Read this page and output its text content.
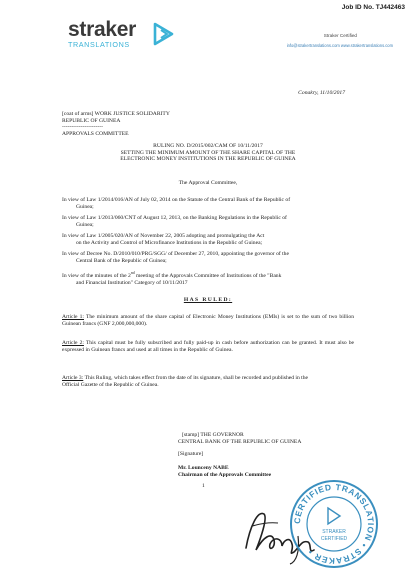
Job ID No. TJ442463
straker
TRANSLATIONS
Straker Certified
info@strakertranslations.com www.strakertranslations.com
Conakry, 11/10/2017
[coat of arms] WORK JUSTICE SOLIDARITY
REPUBLIC OF GUINEA
----------------------
APPROVALS COMMITTEE
RULING NO. D/2015/002/CAM OF 10/11/2017
SETTING THE MINIMUM AMOUNT OF THE SHARE CAPITAL OF THE
ELECTRONIC MONEY INSTITUTIONS IN THE REPUBLIC OF GUINEA
The Approval Committee,
In view of Law 1/2014/016/AN of July 02, 2014 on the Statute of the Central Bank of the Republic of
Guinea;
In view of Law 1/2013/060/CNT of August 12, 2013, on the Banking Regulations in the Republic of
Guinea;
In view of Law 1/2005/020/AN of November 22, 2005 adopting and promulgating the Act
on the Activity and Control of Microfinance Institutions in the Republic of Guinea;
In view of Decree No. D/2010/010/PRG/SGG/ of December 27, 2010, appointing the governor of the
Central Bank of the Republic of Guinea;
In view of the minutes of the 2nd meeting of the Approvals Committee of Institutions of the "Bank
and Financial Institution" Category of 10/11/2017
HAS RULED:
Article 1: The minimum amount of the share capital of Electronic Money Institutions (EMIs) is set to the sum of two billion Guinean francs (GNF 2,000,000,000).
Article 2: This capital must be fully subscribed and fully paid-up in cash before authorization can be granted. It must also be expressed in Guinean francs and used at all times in the Republic of Guinea.
Article 3: This Ruling, which takes effect from the date of its signature, shall be recorded and published in the Official Gazette of the Republic of Guinea.
[stamp] THE GOVERNOR
CENTRAL BANK OF THE REPUBLIC OF GUINEA
[Signature]
Mr. Lounceny NABE
Chairman of the Approvals Committee
1
CERTIFIED TRANSLATION • STRAKER •
STRAKER
CERTIFIED
